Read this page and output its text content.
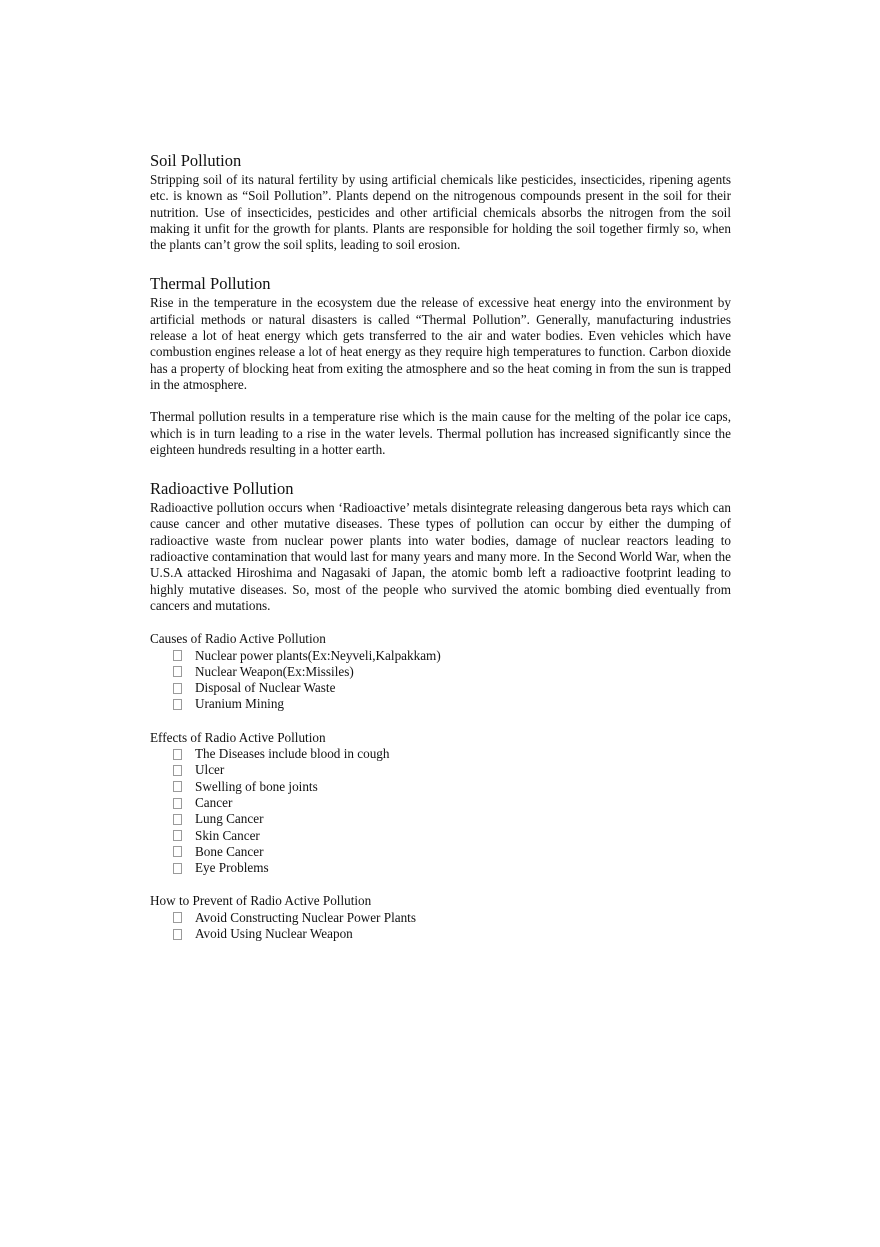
Soil Pollution

Stripping soil of its natural fertility by using artificial chemicals like pesticides, insecticides, ripening agents etc. is known as “Soil Pollution”. Plants depend on the nitrogenous compounds present in the soil for their nutrition. Use of insecticides, pesticides and other artificial chemicals absorbs the nitrogen from the soil making it unfit for the growth for plants. Plants are responsible for holding the soil together firmly so, when the plants can’t grow the soil splits, leading to soil erosion.

Thermal Pollution

Rise in the temperature in the ecosystem due the release of excessive heat energy into the environment by artificial methods or natural disasters is called “Thermal Pollution”. Generally, manufacturing industries release a lot of heat energy which gets transferred to the air and water bodies. Even vehicles which have combustion engines release a lot of heat energy as they require high temperatures to function. Carbon dioxide has a property of blocking heat from exiting the atmosphere and so the heat coming in from the sun is trapped in the atmosphere.

Thermal pollution results in a temperature rise which is the main cause for the melting of the polar ice caps, which is in turn leading to a rise in the water levels. Thermal pollution has increased significantly since the eighteen hundreds resulting in a hotter earth.

Radioactive Pollution

Radioactive pollution occurs when ‘Radioactive’ metals disintegrate releasing dangerous beta rays which can cause cancer and other mutative diseases. These types of pollution can occur by either the dumping of radioactive waste from nuclear power plants into water bodies, damage of nuclear reactors leading to radioactive contamination that would last for many years and many more. In the Second World War, when the U.S.A attacked Hiroshima and Nagasaki of Japan, the atomic bomb left a radioactive footprint leading to highly mutative diseases. So, most of the people who survived the atomic bombing died eventually from cancers and mutations.

Causes of Radio Active Pollution

Nuclear power plants(Ex:Neyveli,Kalpakkam)
Nuclear Weapon(Ex:Missiles)
Disposal of Nuclear Waste
Uranium Mining

Effects of Radio Active Pollution

The Diseases include blood in cough
Ulcer
Swelling of bone joints
Cancer
Lung Cancer
Skin Cancer
Bone Cancer
Eye Problems

How to Prevent of Radio Active Pollution

Avoid Constructing Nuclear Power Plants
Avoid Using Nuclear Weapon
